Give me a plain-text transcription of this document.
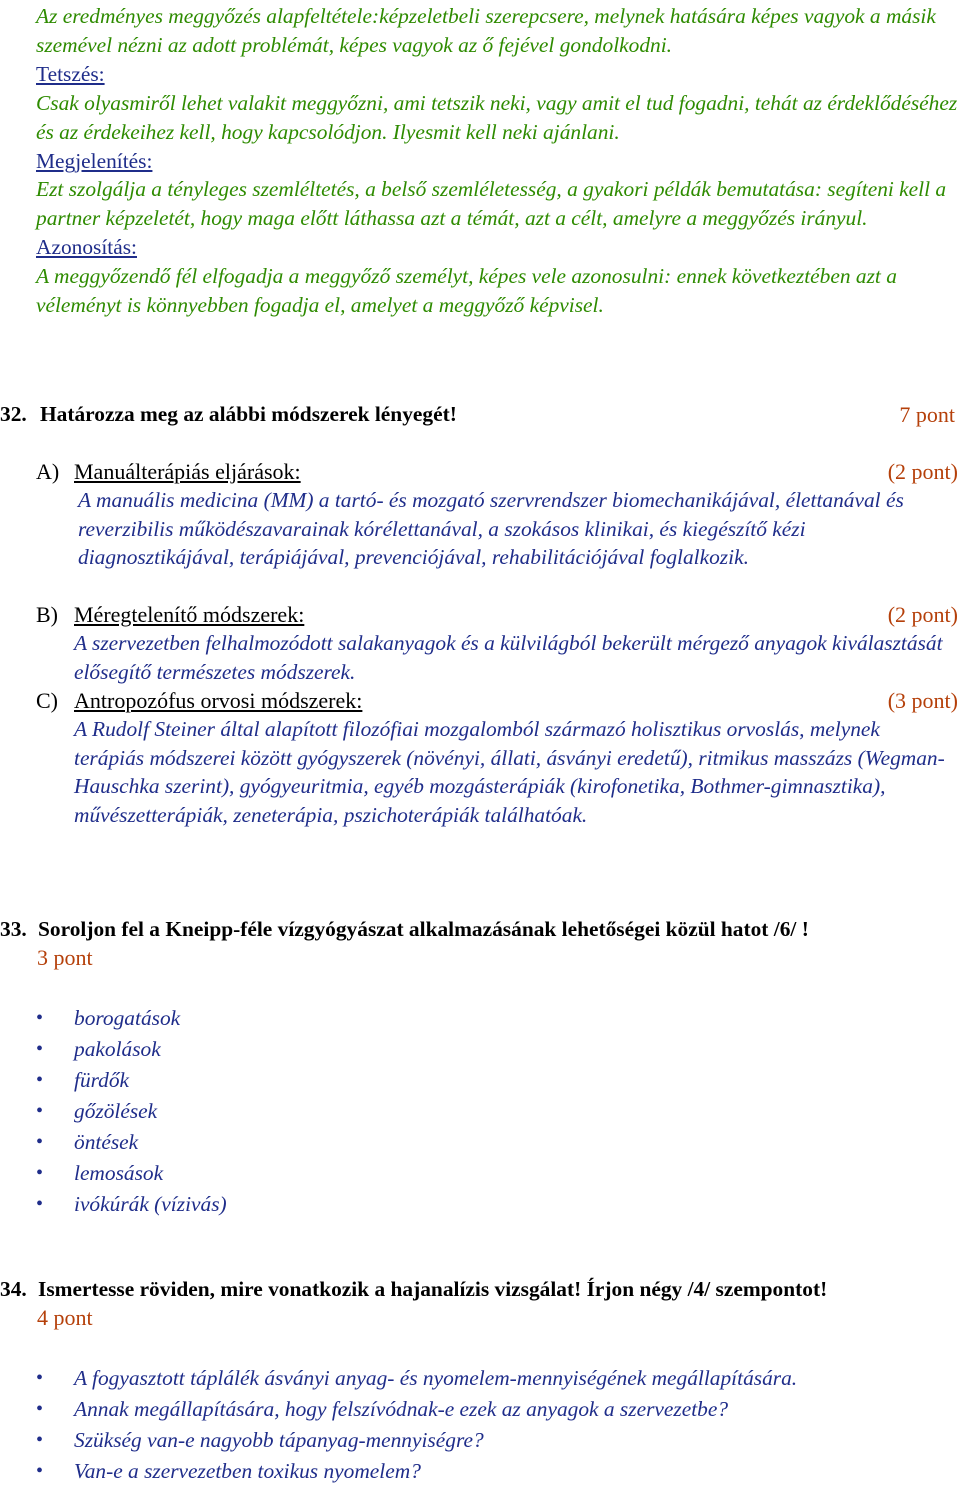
Az eredményes meggyőzés alapfeltétele:képzeletbeli szerepcsere, melynek hatására képes vagyok a másik szemével nézni az adott problémát, képes vagyok az ő fejével gondolkodni.

Tetszés:

Csak olyasmiről lehet valakit meggyőzni, ami tetszik neki, vagy amit el tud fogadni, tehát az érdeklődéséhez és az érdekeihez kell, hogy kapcsolódjon. Ilyesmit kell neki ajánlani.

Megjelenítés:

Ezt szolgálja a tényleges szemléltetés, a belső szemléletesség, a gyakori példák bemutatása: segíteni kell a partner képzeletét, hogy maga előtt láthassa azt a témát, azt a célt, amelyre a meggyőzés irányul.

Azonosítás:

A meggyőzendő fél elfogadja a meggyőző személyt, képes vele azonosulni: ennek következtében azt a véleményt is könnyebben fogadja el, amelyet a meggyőző képvisel.

32. Határozza meg az alábbi módszerek lényegét!	7 pont
A) Manuálterápiás eljárások:	(2 pont)
A manuális medicina (MM) a tartó- és mozgató szervrendszer biomechanikájával, élettanával és reverzibilis működészavarainak kórélettanával, a szokásos klinikai, és kiegészítő kézi diagnosztikájával, terápiájával, prevenciójával, rehabilitációjával foglalkozik.
B) Méregtelenítő módszerek:	(2 pont)
A szervezetben felhalmozódott salakanyagok és a külvilágból bekerült mérgező anyagok kiválasztását elősegítő természetes módszerek.
C) Antropozófus orvosi módszerek:	(3 pont)
A Rudolf Steiner által alapított filozófiai mozgalomból származó holisztikus orvoslás, melynek terápiás módszerei között gyógyszerek (növényi, állati, ásványi eredetű), ritmikus masszázs (Wegman-Hauschka szerint), gyógyeuritmia, egyéb mozgásterápiák (kirofonetika, Bothmer-gimnasztika), művészetterápiák, zeneterápia, pszichoterápiák találhatóak.
33. Soroljon fel a Kneipp-féle vízgyógyászat alkalmazásának lehetőségei közül hatot /6/ !
3 pont
• borogatások
• pakolások
• fürdők
• gőzölések
• öntések
• lemosások
• ivókúrák (vízivás)
34. Ismertesse röviden, mire vonatkozik a hajanalízis vizsgálat! Írjon négy /4/ szempontot!
4 pont
• A fogyasztott táplálék ásványi anyag- és nyomelem-mennyiségének megállapítására.
• Annak megállapítására, hogy felszívódnak-e ezek az anyagok a szervezetbe?
• Szükség van-e nagyobb tápanyag-mennyiségre?
• Van-e a szervezetben toxikus nyomelem?
